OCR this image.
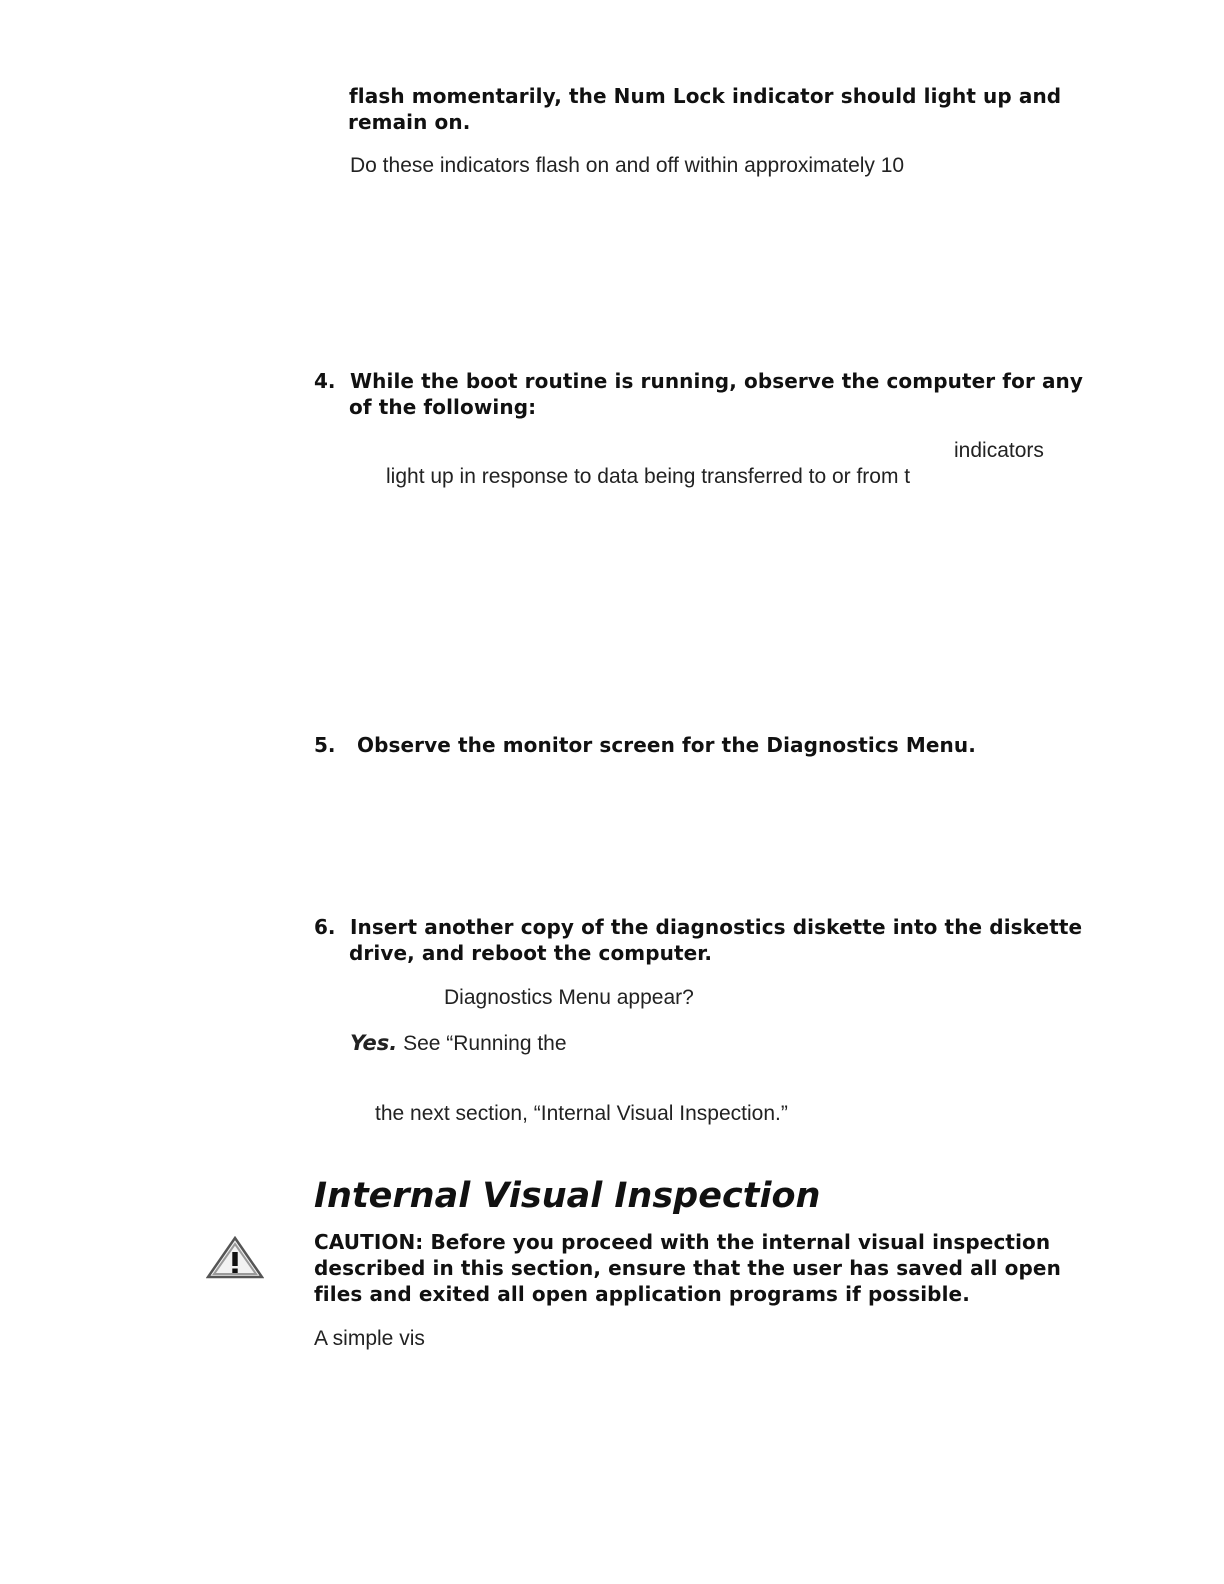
flash momentarily, the Num Lock indicator should light up and
remain on.
Do these indicators flash on and off within approximately 10
4. While the boot routine is running, observe the computer for any
of the following:
indicators
light up in response to data being transferred to or from t
5. Observe the monitor screen for the Diagnostics Menu.
6. Insert another copy of the diagnostics diskette into the diskette
drive, and reboot the computer.
Diagnostics Menu appear?
Yes. See “Running the
the next section, “Internal Visual Inspection.”
Internal Visual Inspection
CAUTION: Before you proceed with the internal visual inspection
described in this section, ensure that the user has saved all open
files and exited all open application programs if possible.
A simple vis
